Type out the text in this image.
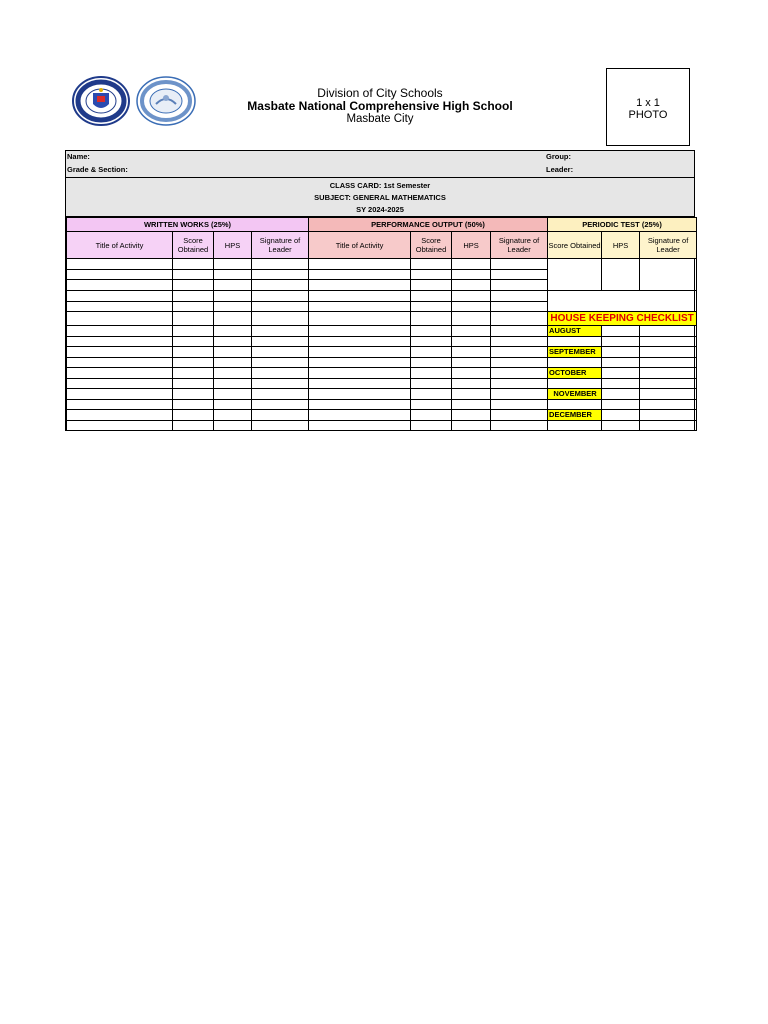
Division of City Schools
Masbate National Comprehensive High School
Masbate City
1 x 1
PHOTO
Name:
Grade & Section:
Group:
Leader:
CLASS CARD: 1st Semester
SUBJECT: GENERAL MATHEMATICS
SY 2024-2025
WRITTEN WORKS (25%)				PERFORMANCE OUTPUT (50%)				PERIODIC TEST (25%)		
Title of Activity	Score Obtained	HPS	Signature of Leader	Title of Activity	Score Obtained	HPS	Signature of Leader	Score Obtained	HPS	Signature of Leader

								HOUSE KEEPING CHECKLIST		
								AUGUST		

								SEPTEMBER		

								OCTOBER		

								NOVEMBER		

								DECEMBER		
